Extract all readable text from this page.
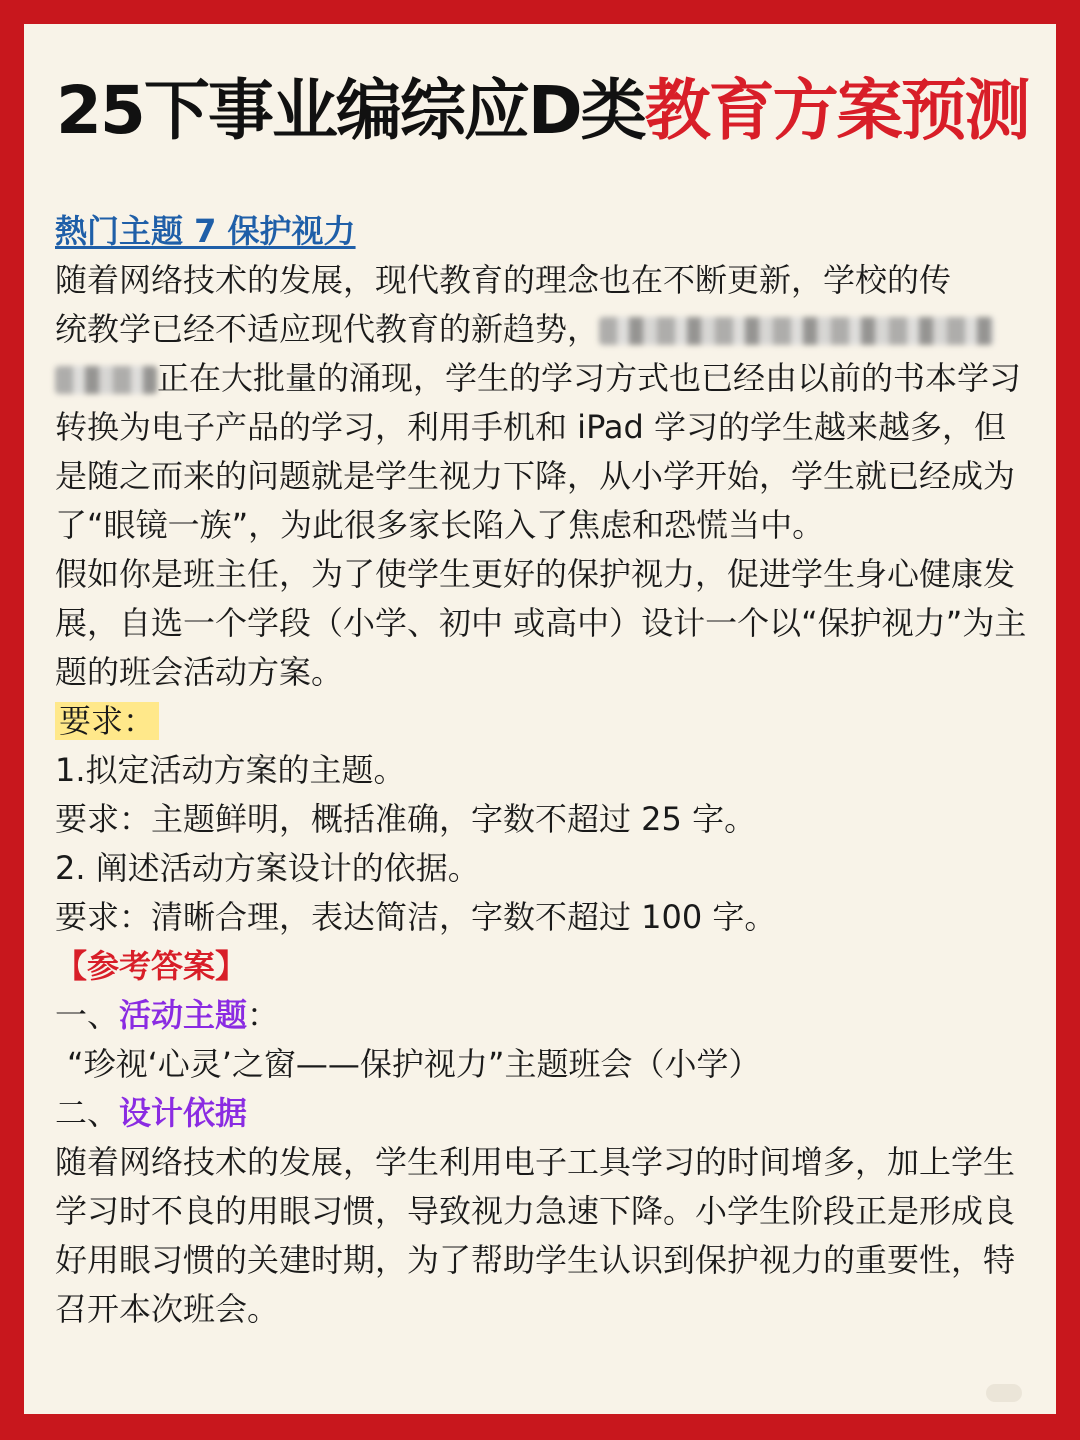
25下事业编综应D类教育方案预测

熱门主题 7 保护视力

随着网络技术的发展，现代教育的理念也在不断更新，学校的传
统教学已经不适应现代教育的新趋势，
正在大批量的涌现，学生的学习方式也已经由以前的书本学习转换为电子产品的学习，利用手机和 iPad 学习的学生越来越多，但是随之而来的问题就是学生视力下降，从小学开始，学生就已经成为了“眼镜一族”，为此很多家长陷入了焦虑和恐慌当中。

假如你是班主任，为了使学生更好的保护视力，促进学生身心健康发展，自选一个学段（小学、初中 或高中）设计一个以“保护视力”为主题的班会活动方案。

要求：

1.拟定活动方案的主题。

要求：主题鲜明，概括准确，字数不超过 25 字。

2. 阐述活动方案设计的依据。

要求：清晰合理，表达简洁，字数不超过 100 字。

【参考答案】

一、活动主题：

“珍视‘心灵’之窗——保护视力”主题班会（小学）

二、设计依据

随着网络技术的发展，学生利用电子工具学习的时间增多，加上学生学习时不良的用眼习惯，导致视力急速下降。小学生阶段正是形成良好用眼习惯的关建时期，为了帮助学生认识到保护视力的重要性，特召开本次班会。
